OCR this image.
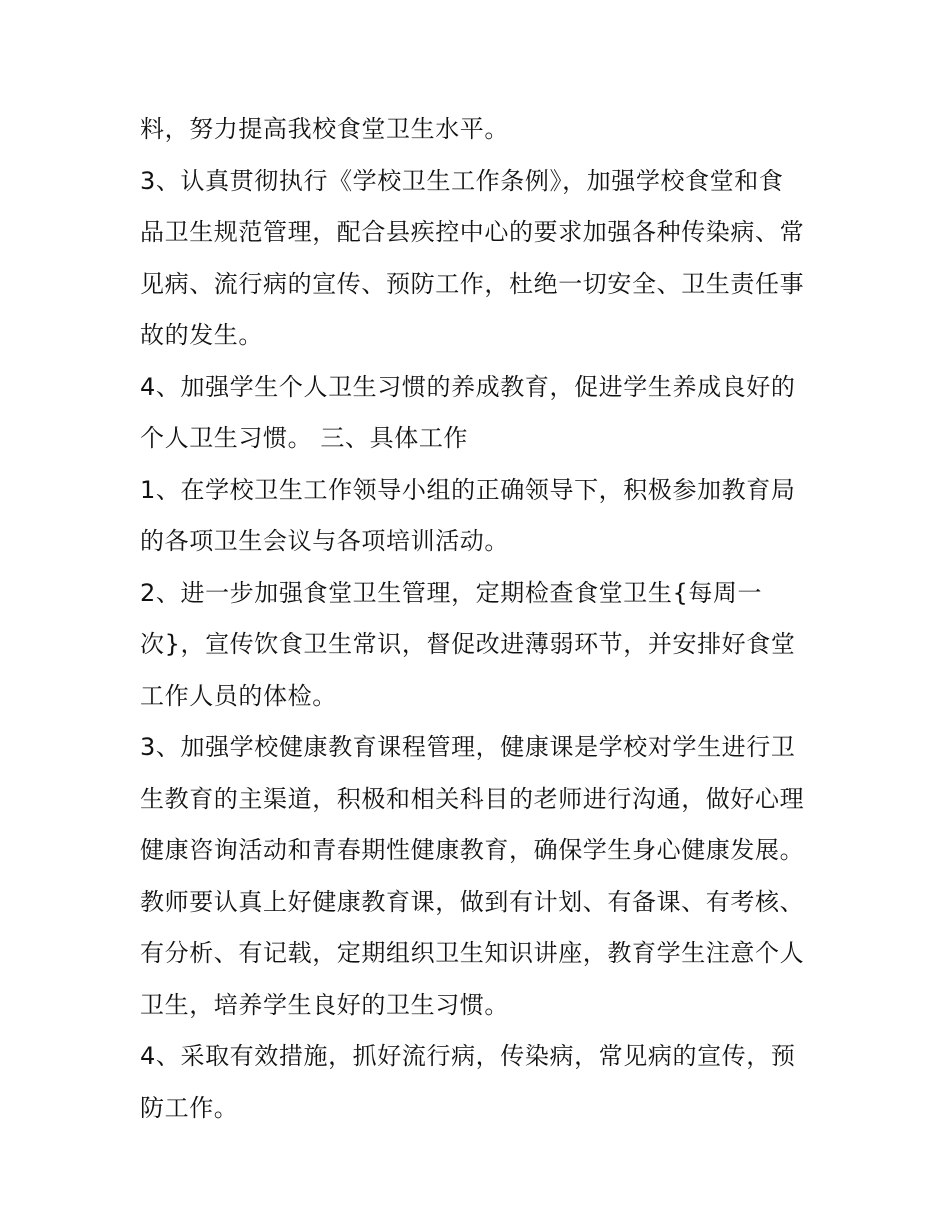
料，努力提高我校食堂卫生水平。
3、认真贯彻执行《学校卫生工作条例》，加强学校食堂和食
品卫生规范管理，配合县疾控中心的要求加强各种传染病、常
见病、流行病的宣传、预防工作，杜绝一切安全、卫生责任事
故的发生。
4、加强学生个人卫生习惯的养成教育，促进学生养成良好的
个人卫生习惯。 三、具体工作
1、在学校卫生工作领导小组的正确领导下，积极参加教育局
的各项卫生会议与各项培训活动。
2、进一步加强食堂卫生管理，定期检查食堂卫生{每周一
次}，宣传饮食卫生常识，督促改进薄弱环节，并安排好食堂
工作人员的体检。
3、加强学校健康教育课程管理，健康课是学校对学生进行卫
生教育的主渠道，积极和相关科目的老师进行沟通，做好心理
健康咨询活动和青春期性健康教育，确保学生身心健康发展。
教师要认真上好健康教育课，做到有计划、有备课、有考核、
有分析、有记载，定期组织卫生知识讲座，教育学生注意个人
卫生，培养学生良好的卫生习惯。
4、采取有效措施，抓好流行病，传染病，常见病的宣传，预
防工作。
